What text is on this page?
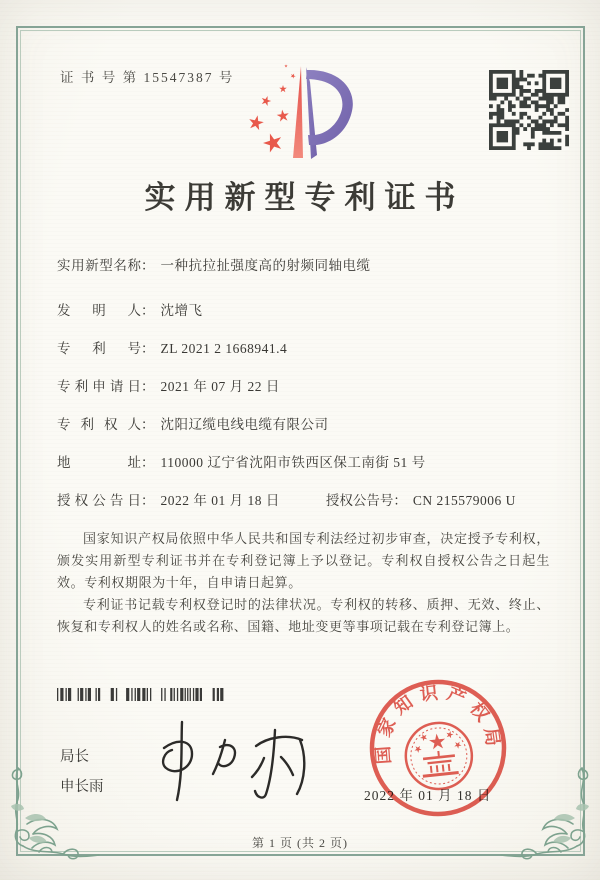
证 书 号 第 15547387 号
实用新型专利证书
实用新型名称 ： 一种抗拉扯强度高的射频同轴电缆
发明人 ： 沈增飞
专利号 ： ZL 2021 2 1668941.4
专利申请日 ： 2021 年 07 月 22 日
专利权人 ： 沈阳辽缆电线电缆有限公司
地址 ： 110000 辽宁省沈阳市铁西区保工南街 51 号
授权公告日 ： 2022 年 01 月 18 日	授权公告号 ： CN 215579006 U

国家知识产权局依照中华人民共和国专利法经过初步审查，决定授予专利权，颁发实用新型专利证书并在专利登记簿上予以登记。专利权自授权公告之日起生效。专利权期限为十年，自申请日起算。

专利证书记载专利权登记时的法律状况。专利权的转移、质押、无效、终止、恢复和专利权人的姓名或名称、国籍、地址变更等事项记载在专利登记簿上。

局长
申长雨
2022 年 01 月 18 日
国家知识产权局
第 1 页 (共 2 页)
